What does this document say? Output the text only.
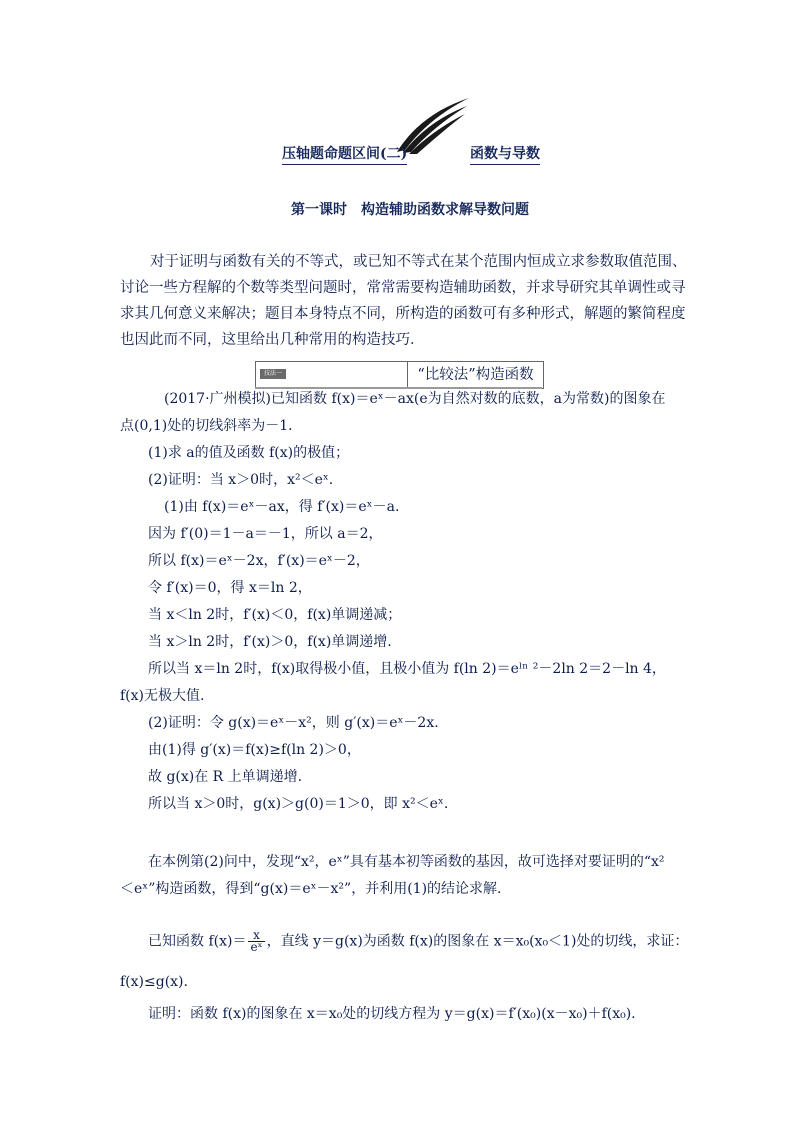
压轴题命题区间(二)	函数与导数
第一课时　构造辅助函数求解导数问题
对于证明与函数有关的不等式，或已知不等式在某个范围内恒成立求参数取值范围、
讨论一些方程解的个数等类型问题时，常常需要构造辅助函数，并求导研究其单调性或寻
求其几何意义来解决；题目本身特点不同，所构造的函数可有多种形式，解题的繁简程度
也因此而不同，这里给出几种常用的构造技巧．
技法一	“比较法”构造函数
(2017·广州模拟)已知函数 f(x)＝eˣ－ax(e为自然对数的底数，a为常数)的图象在
点(0,1)处的切线斜率为－1．
(1)求 a的值及函数 f(x)的极值；
(2)证明：当 x＞0时，x²＜eˣ.
(1)由 f(x)＝eˣ－ax，得 f′(x)＝eˣ－a.
因为 f′(0)＝1－a＝－1，所以 a＝2，
所以 f(x)＝eˣ－2x，f′(x)＝eˣ－2，
令 f′(x)＝0，得 x＝ln 2，
当 x＜ln 2时，f′(x)＜0，f(x)单调递减；
当 x＞ln 2时，f′(x)＞0，f(x)单调递增.
所以当 x＝ln 2时，f(x)取得极小值，且极小值为 f(ln 2)＝eˡⁿ ²－2ln 2＝2－ln 4，
f(x)无极大值.
(2)证明：令 g(x)＝eˣ－x²，则 g′(x)＝eˣ－2x.
由(1)得 g′(x)＝f(x)≥f(ln 2)＞0，
故 g(x)在 R 上单调递增.
所以当 x＞0时，g(x)＞g(0)＝1＞0，即 x²＜eˣ.
在本例第(2)问中，发现“x²，eˣ”具有基本初等函数的基因，故可选择对要证明的“x²
＜eˣ”构造函数，得到“g(x)＝eˣ－x²”，并利用(1)的结论求解.
已知函数 $f(x)= \frac{x}{\text{eˣ}}$ ，直线 y＝g(x)为函数 f(x)的图象在 x＝x₀(x₀＜1)处的切线，求证：
f(x)≤g(x).
证明：函数 f(x)的图象在 x＝x₀处的切线方程为 y＝g(x)＝f′(x₀)(x－x₀)＋f(x₀).
